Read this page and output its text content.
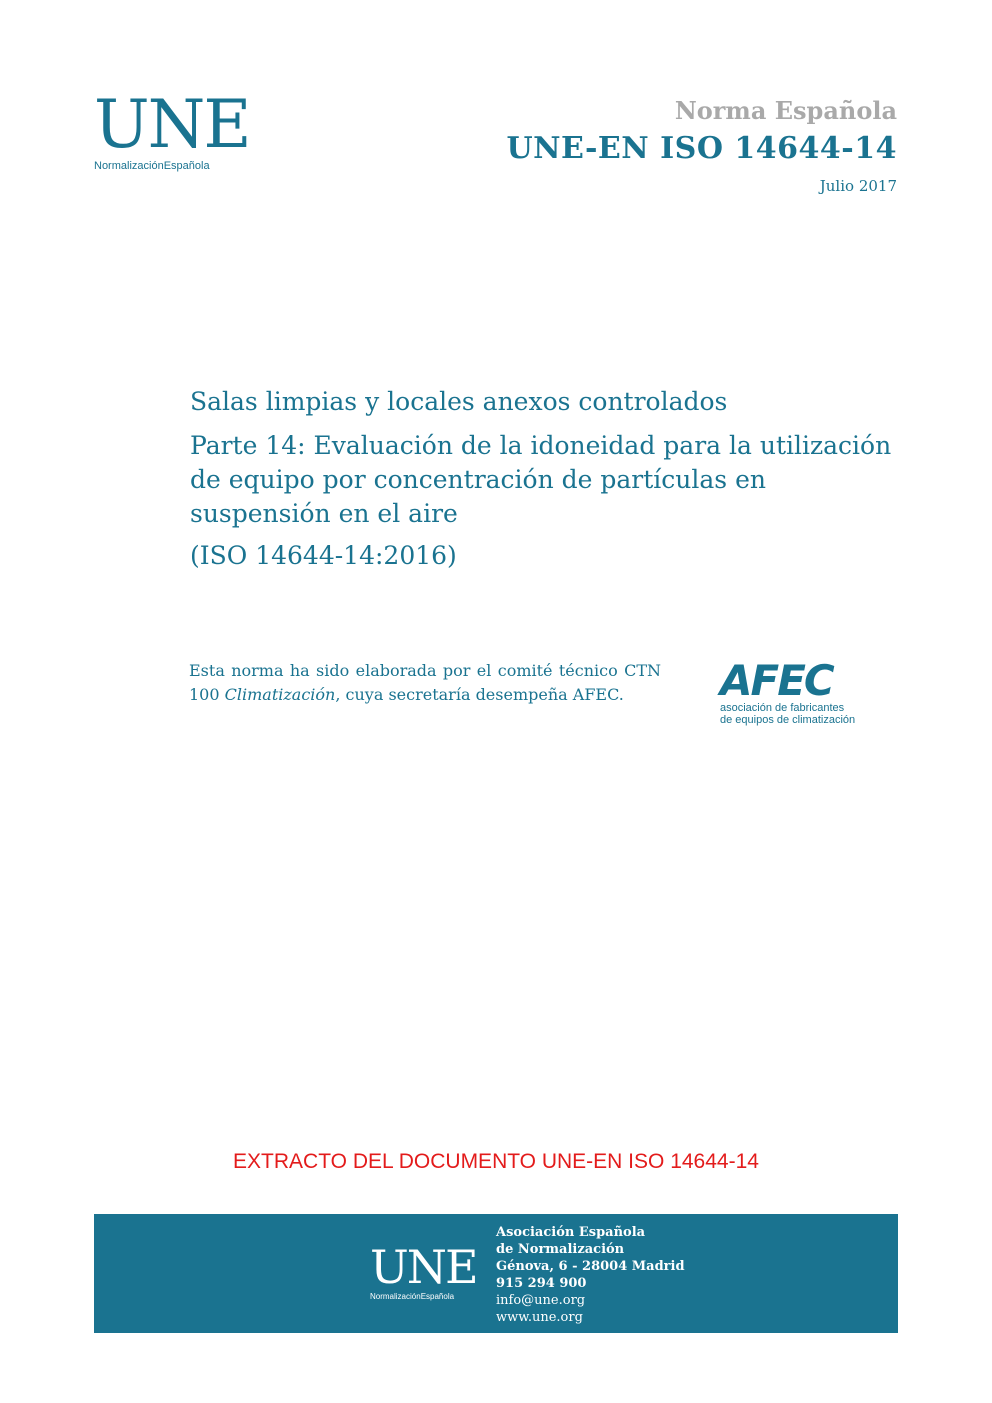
UNE
NormalizaciónEspañola
Norma Española
UNE-EN ISO 14644-14
Julio 2017

Salas limpias y locales anexos controlados

Parte 14: Evaluación de la idoneidad para la utilización de equipo por concentración de partículas en suspensión en el aire

(ISO 14644-14:2016)

Esta norma ha sido elaborada por el comité técnico CTN 100 Climatización, cuya secretaría desempeña AFEC.	AFEC
asociación de fabricantes
de equipos de climatización
EXTRACTO DEL DOCUMENTO UNE-EN ISO 14644-14
UNE
NormalizaciónEspañola
Asociación Española
de Normalización
Génova, 6 - 28004 Madrid
915 294 900
info@une.org
www.une.org
